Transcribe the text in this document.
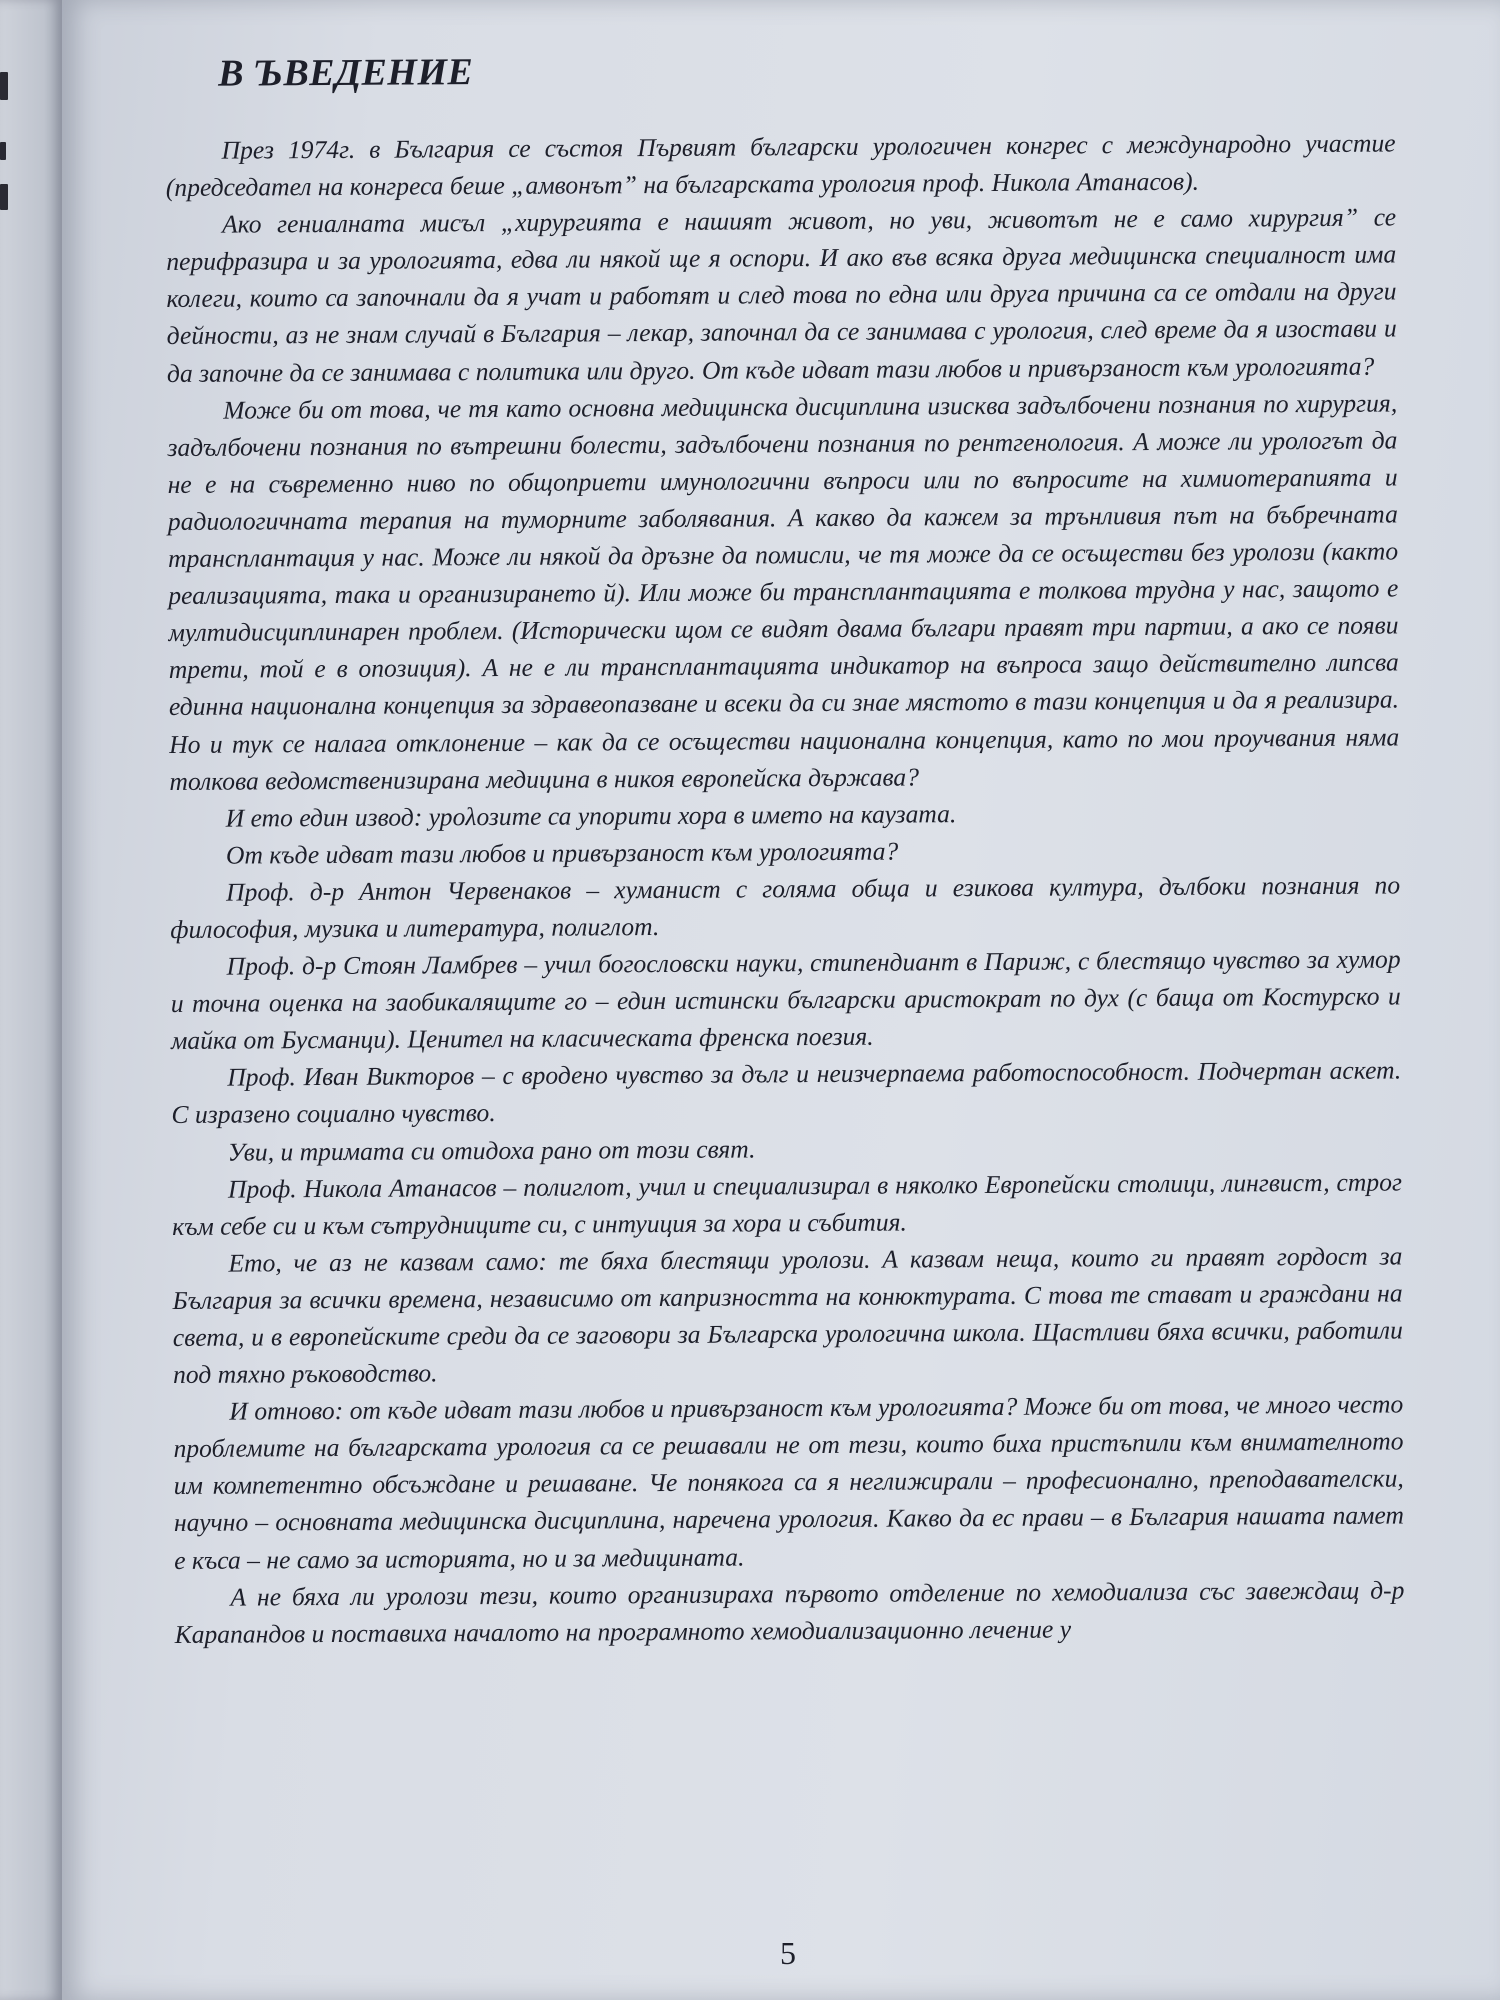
В ЪВЕДЕНИЕ

През 1974г. в България се състоя Първият български урологичен конгрес с международно участие (председател на конгреса беше „амвонът” на българската урология проф. Никола Атанасов).

Ако гениалната мисъл „хирургията е нашият живот, но уви, животът не е само хирургия” се перифразира и за урологията, едва ли някой ще я оспори. И ако във всяка друга медицинска специалност има колеги, които са започнали да я учат и работят и след това по една или друга причина са се отдали на други дейности, аз не знам случай в България – лекар, започнал да се занимава с урология, след време да я изостави и да започне да се занимава с политика или друго. От къде идват тази любов и привързаност към урологията?

Може би от това, че тя като основна медицинска дисциплина изисква задълбочени познания по хирургия, задълбочени познания по вътрешни болести, задълбочени познания по рентгенология. А може ли урологът да не е на съвременно ниво по общоприети имунологични въпроси или по въпросите на химиотерапията и радиологичната терапия на туморните заболявания. А какво да кажем за трънливия път на бъбречната трансплантация у нас. Може ли някой да дръзне да помисли, че тя може да се осъществи без уролози (както реализацията, така и организирането й). Или може би трансплантацията е толкова трудна у нас, защото е мултидисциплинарен проблем. (Исторически щом се видят двама българи правят три партии, а ако се появи трети, той е в опозиция). А не е ли трансплантацията индикатор на въпроса защо действително липсва единна национална концепция за здравеопазване и всеки да си знае мястото в тази концепция и да я реализира. Но и тук се налага отклонение – как да се осъществи национална концепция, като по мои проучвания няма толкова ведомственизирана медицина в никоя европейска държава?

И ето един извод: урολозите са упорити хора в името на каузата.

От къде идват тази любов и привързаност към урологията?

Проф. д-р Антон Червенаков – хуманист с голяма обща и езикова култура, дълбоки познания по философия, музика и литература, полиглот.

Проф. д-р Стоян Ламбрев – учил богословски науки, стипендиант в Париж, с блестящо чувство за хумор и точна оценка на заобикалящите го – един истински български аристократ по дух (с баща от Костурско и майка от Бусманци). Ценител на класическата френска поезия.

Проф. Иван Викторов – с вродено чувство за дълг и неизчерпаема работоспособност. Подчертан аскет. С изразено социално чувство.

Уви, и тримата си отидоха рано от този свят.

Проф. Никола Атанасов – полиглот, учил и специализирал в няколко Европейски столици, лингвист, строг към себе си и към сътрудниците си, с интуиция за хора и събития.

Ето, че аз не казвам само: те бяха блестящи уролози. А казвам неща, които ги правят гордост за България за всички времена, независимо от капризността на конюктурата. С това те стават и граждани на света, и в европейските среди да се заговори за Българска урологична школа. Щастливи бяха всички, работили под тяхно ръководство.

И отново: от къде идват тази любов и привързаност към урологията? Може би от това, че много често проблемите на българската урология са се решавали не от тези, които биха пристъпили към внимателното им компетентно обсъждане и решаване. Че понякога са я неглижирали – професионално, преподавателски, научно – основната медицинска дисциплина, наречена урология. Какво да ес прави – в България нашата памет е къса – не само за историята, но и за медицината.

А не бяха ли уролози тези, които организираха първото отделение по хемодиализа със завеждащ д-р Карапандов и поставиха началото на програмното хемодиализационно лечение у

5
